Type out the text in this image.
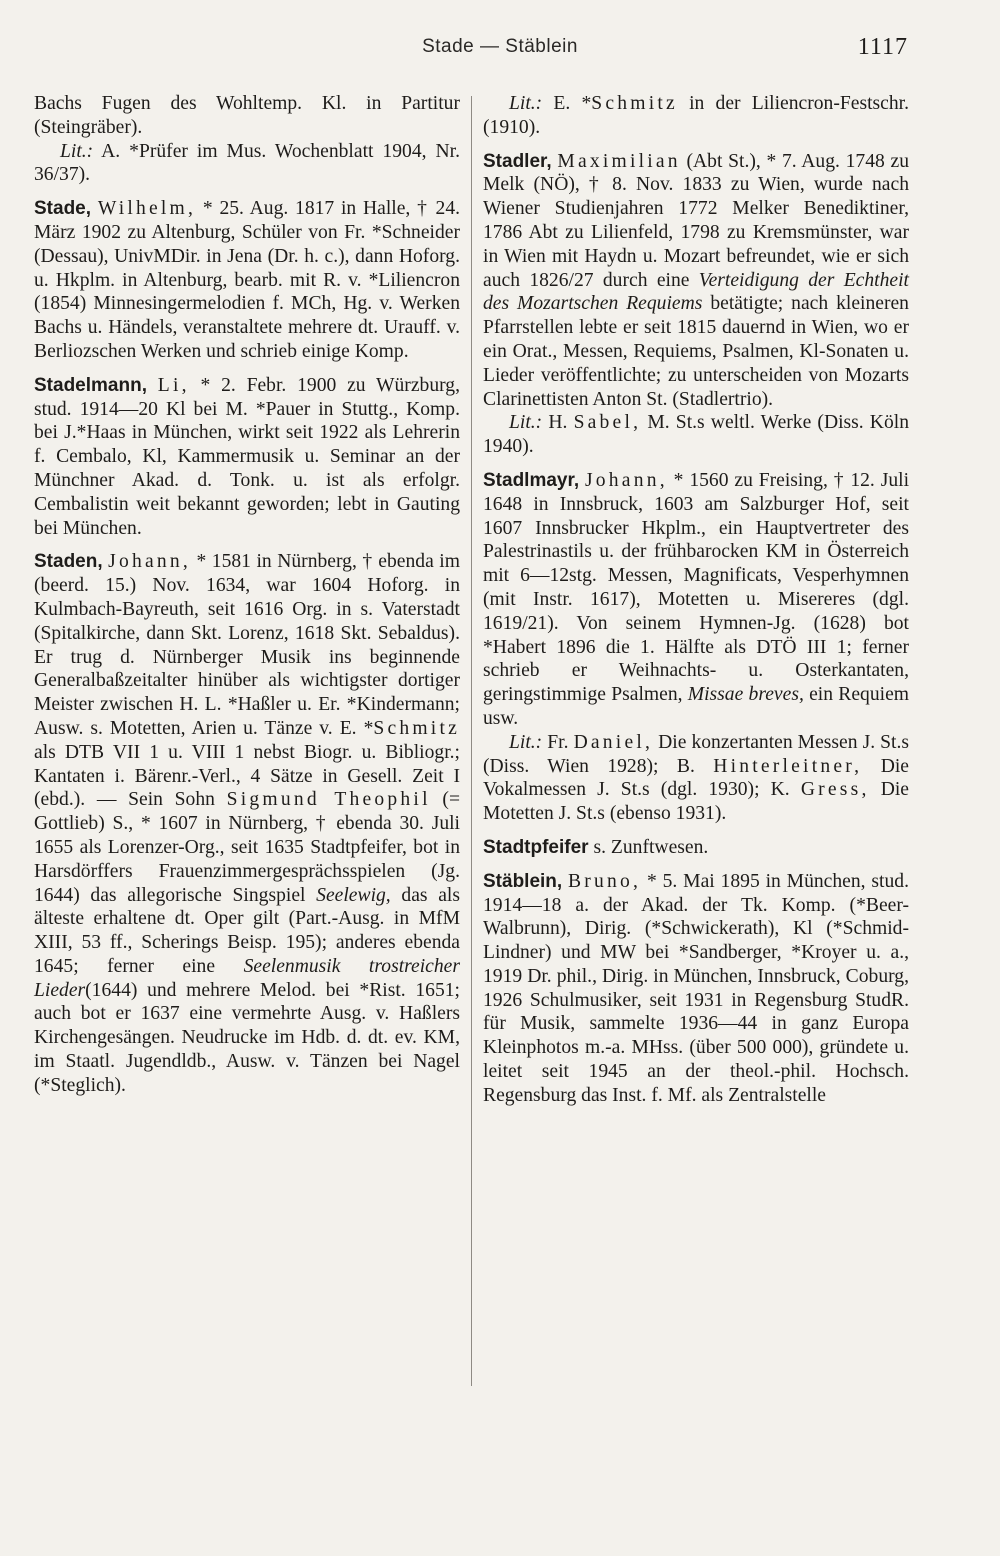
Stade — Stäblein	1117

Bachs Fugen des Wohltemp. Kl. in Partitur (Steingräber).

Lit.: A. *Prüfer im Mus. Wochenblatt 1904, Nr. 36/37).

Stade, Wilhelm, * 25. Aug. 1817 in Halle, † 24. März 1902 zu Altenburg, Schüler von Fr. *Schneider (Dessau), UnivMDir. in Jena (Dr. h. c.), dann Hoforg. u. Hkplm. in Altenburg, bearb. mit R. v. *Liliencron (1854) Minnesingermelodien f. MCh, Hg. v. Werken Bachs u. Händels, veranstaltete mehrere dt. Urauff. v. Berliozschen Werken und schrieb einige Komp.

Stadelmann, Li, * 2. Febr. 1900 zu Würzburg, stud. 1914—20 Kl bei M. *Pauer in Stuttg., Komp. bei J.*Haas in München, wirkt seit 1922 als Lehrerin f. Cembalo, Kl, Kammermusik u. Seminar an der Münchner Akad. d. Tonk. u. ist als erfolgr. Cembalistin weit bekannt geworden; lebt in Gauting bei München.

Staden, Johann, * 1581 in Nürnberg, † ebenda im (beerd. 15.) Nov. 1634, war 1604 Hoforg. in Kulmbach-Bayreuth, seit 1616 Org. in s. Vaterstadt (Spitalkirche, dann Skt. Lorenz, 1618 Skt. Sebaldus). Er trug d. Nürnberger Musik ins beginnende Generalbaßzeitalter hinüber als wichtigster dortiger Meister zwischen H. L. *Haßler u. Er. *Kindermann; Ausw. s. Motetten, Arien u. Tänze v. E. *Schmitz als DTB VII 1 u. VIII 1 nebst Biogr. u. Bibliogr.; Kantaten i. Bärenr.-Verl., 4 Sätze in Gesell. Zeit I (ebd.). — Sein Sohn Sigmund Theophil (= Gottlieb) S., * 1607 in Nürnberg, † ebenda 30. Juli 1655 als Lorenzer-Org., seit 1635 Stadtpfeifer, bot in Harsdörffers Frauenzimmergesprächsspielen (Jg. 1644) das allegorische Singspiel Seelewig, das als älteste erhaltene dt. Oper gilt (Part.-Ausg. in MfM XIII, 53 ff., Scherings Beisp. 195); anderes ebenda 1645; ferner eine Seelenmusik trostreicher Lieder(1644) und mehrere Melod. bei *Rist. 1651; auch bot er 1637 eine vermehrte Ausg. v. Haßlers Kirchengesängen. Neudrucke im Hdb. d. dt. ev. KM, im Staatl. Jugendldb., Ausw. v. Tänzen bei Nagel (*Steglich).

Lit.: E. *Schmitz in der Liliencron-Festschr. (1910).

Stadler, Maximilian (Abt St.), * 7. Aug. 1748 zu Melk (NÖ), † 8. Nov. 1833 zu Wien, wurde nach Wiener Studienjahren 1772 Melker Benediktiner, 1786 Abt zu Lilienfeld, 1798 zu Kremsmünster, war in Wien mit Haydn u. Mozart befreundet, wie er sich auch 1826/27 durch eine Verteidigung der Echtheit des Mozartschen Requiems betätigte; nach kleineren Pfarrstellen lebte er seit 1815 dauernd in Wien, wo er ein Orat., Messen, Requiems, Psalmen, Kl-Sonaten u. Lieder veröffentlichte; zu unterscheiden von Mozarts Clarinettisten Anton St. (Stadlertrio).

Lit.: H. Sabel, M. St.s weltl. Werke (Diss. Köln 1940).

Stadlmayr, Johann, * 1560 zu Freising, † 12. Juli 1648 in Innsbruck, 1603 am Salzburger Hof, seit 1607 Innsbrucker Hkplm., ein Hauptvertreter des Palestrinastils u. der frühbarocken KM in Österreich mit 6—12stg. Messen, Magnificats, Vesperhymnen (mit Instr. 1617), Motetten u. Misereres (dgl. 1619/21). Von seinem Hymnen-Jg. (1628) bot *Habert 1896 die 1. Hälfte als DTÖ III 1; ferner schrieb er Weihnachts- u. Osterkantaten, geringstimmige Psalmen, Missae breves, ein Requiem usw.

Lit.: Fr. Daniel, Die konzertanten Messen J. St.s (Diss. Wien 1928); B. Hinterleitner, Die Vokalmessen J. St.s (dgl. 1930); K. Gress, Die Motetten J. St.s (ebenso 1931).

Stadtpfeifer s. Zunftwesen.

Stäblein, Bruno, * 5. Mai 1895 in München, stud. 1914—18 a. der Akad. der Tk. Komp. (*Beer-Walbrunn), Dirig. (*Schwickerath), Kl (*Schmid-Lindner) und MW bei *Sandberger, *Kroyer u. a., 1919 Dr. phil., Dirig. in München, Innsbruck, Coburg, 1926 Schulmusiker, seit 1931 in Regensburg StudR. für Musik, sammelte 1936—44 in ganz Europa Kleinphotos m.-a. MHss. (über 500 000), gründete u. leitet seit 1945 an der theol.-phil. Hochsch. Regensburg das Inst. f. Mf. als Zentralstelle
